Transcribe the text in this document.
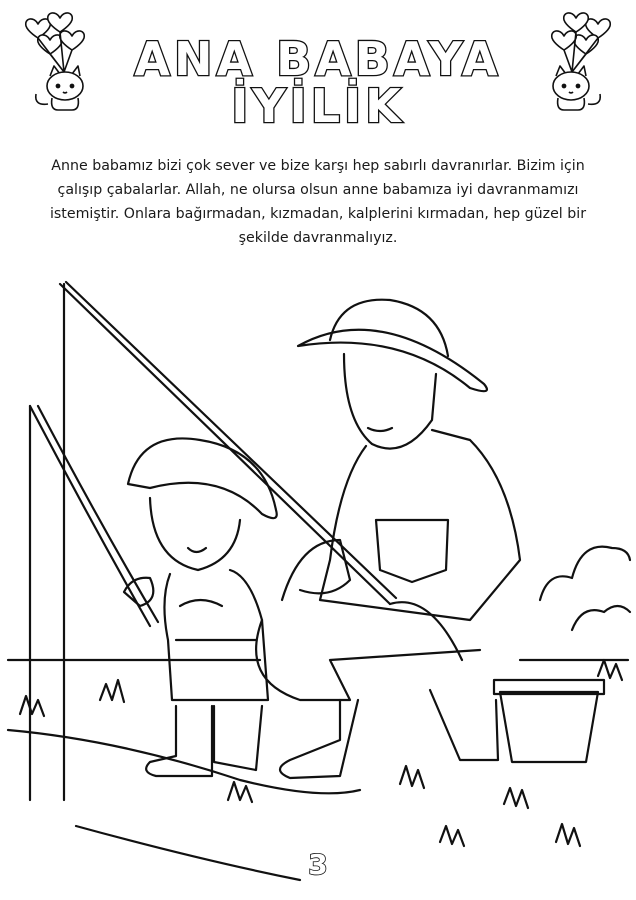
ANA BABAYA
İYİLİK
Anne babamız bizi çok sever ve bize karşı hep sabırlı davranırlar. Bizim için çalışıp çabalarlar. Allah, ne olursa olsun anne babamıza iyi davranmamızı istemiştir. Onlara bağırmadan, kızmadan, kalplerini kırmadan, hep güzel bir şekilde davranmalıyız.
3
